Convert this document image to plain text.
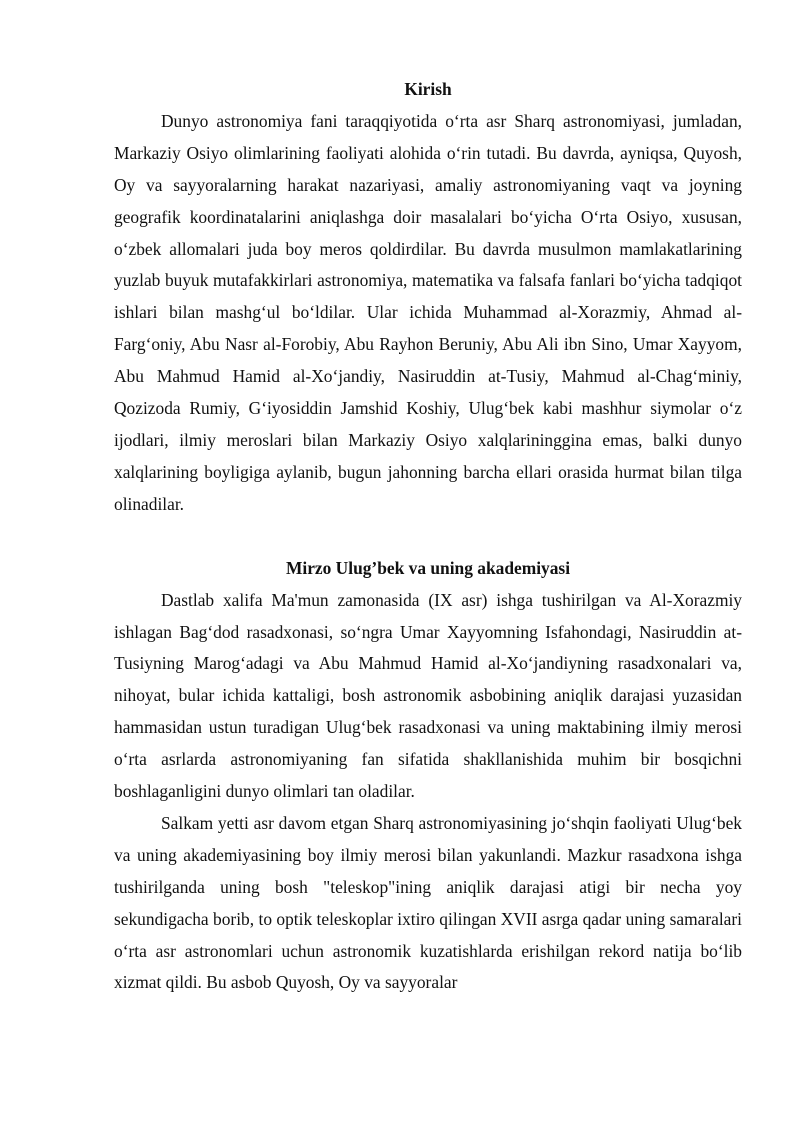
Kirish

Dunyo astronomiya fani taraqqiyotida o‘rta asr Sharq astronomiyasi, jumladan, Markaziy Osiyo olimlarining faoliyati alohida o‘rin tutadi. Bu davrda, ayniqsa, Quyosh, Oy va sayyoralarning harakat nazariyasi, amaliy astronomiyaning vaqt va joyning geografik koordinatalarini aniqlashga doir masalalari bo‘yicha O‘rta Osiyo, xususan, o‘zbek allomalari juda boy meros qoldirdilar. Bu davrda musulmon mamlakatlarining yuzlab buyuk mutafakkirlari astronomiya, matematika va falsafa fanlari bo‘yicha tadqiqot ishlari bilan mashg‘ul bo‘ldilar. Ular ichida Muhammad al-Xorazmiy, Ahmad al-Farg‘oniy, Abu Nasr al-Forobiy, Abu Rayhon Beruniy, Abu Ali ibn Sino, Umar Xayyom, Abu Mahmud Hamid al-Xo‘jandiy, Nasiruddin at-Tusiy, Mahmud al-Chag‘miniy, Qozizoda Rumiy, G‘iyosiddin Jamshid Koshiy, Ulug‘bek kabi mashhur siymolar o‘z ijodlari, ilmiy meroslari bilan Markaziy Osiyo xalqlarininggina emas, balki dunyo xalqlarining boyligiga aylanib, bugun jahonning barcha ellari orasida hurmat bilan tilga olinadilar.

Mirzo Ulug’bek va uning akademiyasi

Dastlab xalifa Ma'mun zamonasida (IX asr) ishga tushirilgan va Al-Xorazmiy ishlagan Bag‘dod rasadxonasi, so‘ngra Umar Xayyomning Isfahondagi, Nasiruddin at-Tusiyning Marog‘adagi va Abu Mahmud Hamid al-Xo‘jandiyning rasadxonalari va, nihoyat, bular ichida kattaligi, bosh astronomik asbobining aniqlik darajasi yuzasidan hammasidan ustun turadigan Ulug‘bek rasadxonasi va uning maktabining ilmiy merosi o‘rta asrlarda astronomiyaning fan sifatida shakllanishida muhim bir bosqichni boshlaganligini dunyo olimlari tan oladilar.

Salkam yetti asr davom etgan Sharq astronomiyasining jo‘shqin faoliyati Ulug‘bek va uning akademiyasining boy ilmiy merosi bilan yakunlandi. Mazkur rasadxona ishga tushirilganda uning bosh "teleskop"ining aniqlik darajasi atigi bir necha yoy sekundigacha borib, to optik teleskoplar ixtiro qilingan XVII asrga qadar uning samaralari o‘rta asr astronomlari uchun astronomik kuzatishlarda erishilgan rekord natija bo‘lib xizmat qildi. Bu asbob Quyosh, Oy va sayyoralar
